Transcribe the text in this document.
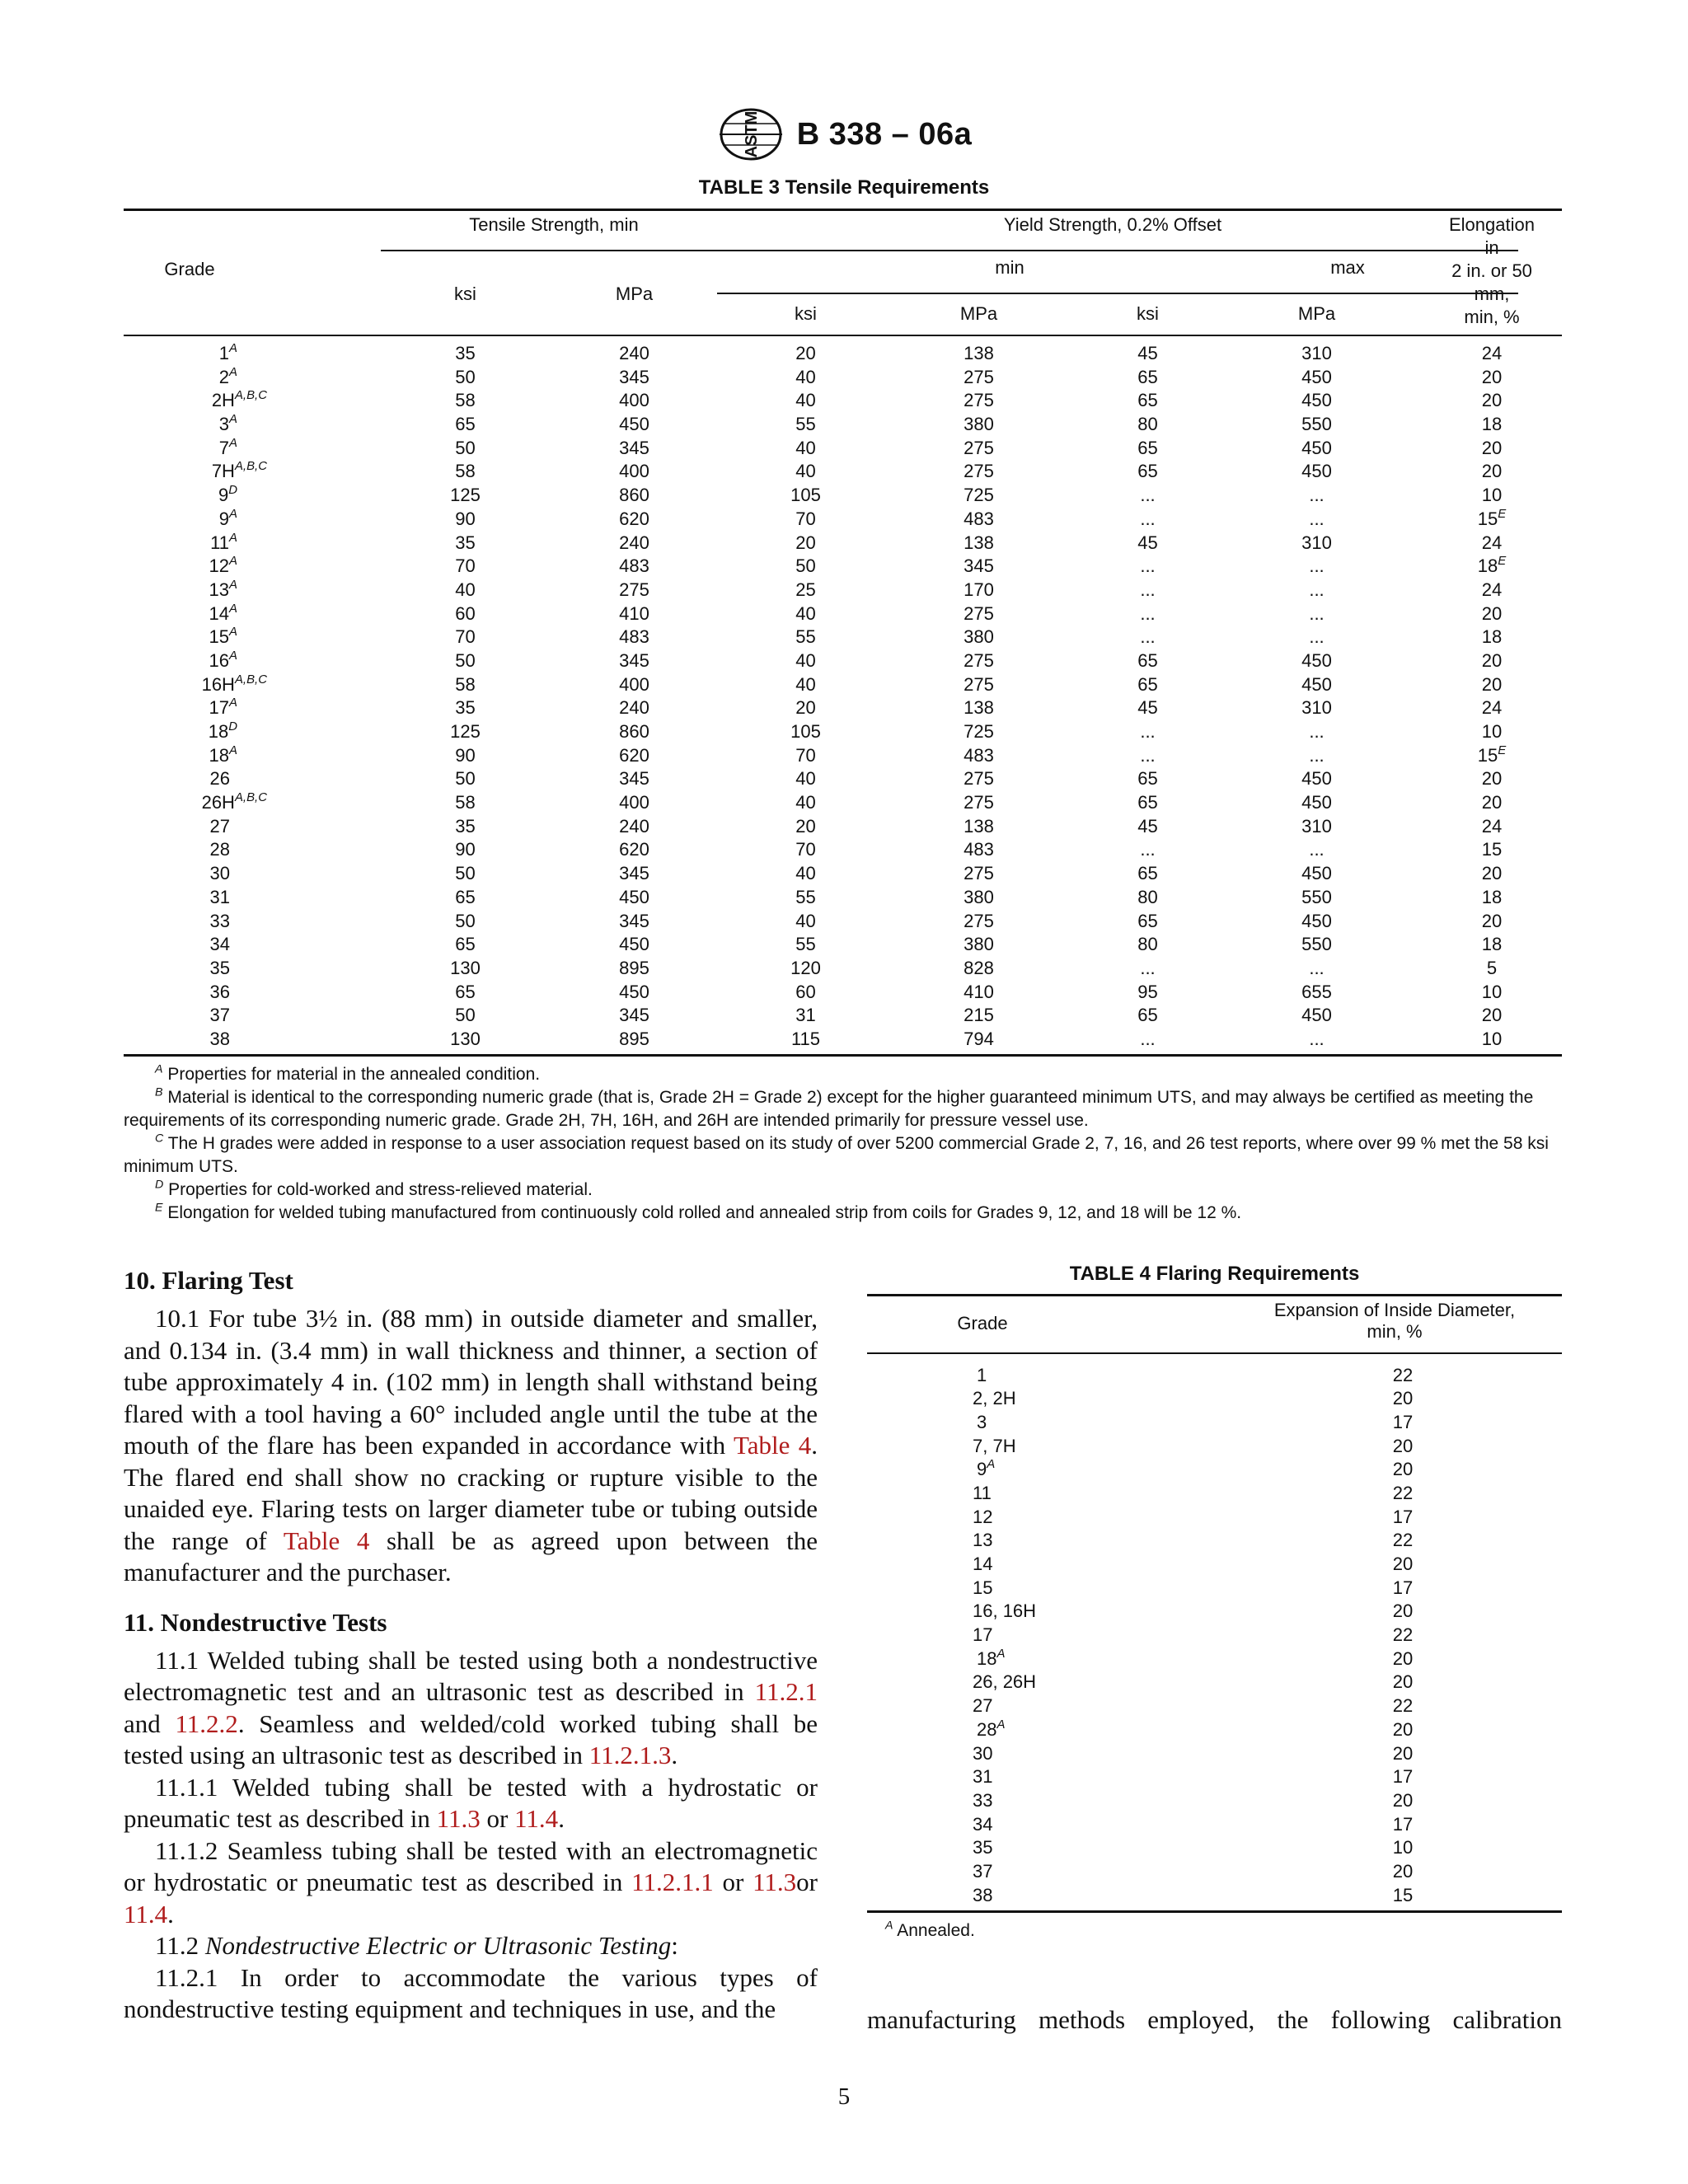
ASTM B 338 – 06a
TABLE 3 Tensile Requirements
Grade
Tensile Strength, min	Yield Strength, 0.2% Offset
min	max
ksi	MPa
ksi	MPa	ksi	MPa
Elongation
in
2 in. or 50
mm,
min, %
$1^A$	35	240	20	138	45	310	24
$2^A$	50	345	40	275	65	450	20
$2H^{A,B,C}$	58	400	40	275	65	450	20
$3^A$	65	450	55	380	80	550	18
$7^A$	50	345	40	275	65	450	20
$7H^{A,B,C}$	58	400	40	275	65	450	20
$9^D$	125	860	105	725	...	...	10
$9^A$	90	620	70	483	...	...	$15^E$
$11^A$	35	240	20	138	45	310	24
$12^A$	70	483	50	345	...	...	$18^E$
$13^A$	40	275	25	170	...	...	24
$14^A$	60	410	40	275	...	...	20
$15^A$	70	483	55	380	...	...	18
$16^A$	50	345	40	275	65	450	20
$16H^{A,B,C}$	58	400	40	275	65	450	20
$17^A$	35	240	20	138	45	310	24
$18^D$	125	860	105	725	...	...	10
$18^A$	90	620	70	483	...	...	$15^E$
26	50	345	40	275	65	450	20
$26H^{A,B,C}$	58	400	40	275	65	450	20
27	35	240	20	138	45	310	24
28	90	620	70	483	...	...	15
30	50	345	40	275	65	450	20
31	65	450	55	380	80	550	18
33	50	345	40	275	65	450	20
34	65	450	55	380	80	550	18
35	130	895	120	828	...	...	5
36	65	450	60	410	95	655	10
37	50	345	31	215	65	450	20
38	130	895	115	794	...	...	10

$^A$ Properties for material in the annealed condition.

$^B$ Material is identical to the corresponding numeric grade (that is, Grade 2H = Grade 2) except for the higher guaranteed minimum UTS, and may always be certified as meeting the requirements of its corresponding numeric grade. Grade 2H, 7H, 16H, and 26H are intended primarily for pressure vessel use.

$^C$ The H grades were added in response to a user association request based on its study of over 5200 commercial Grade 2, 7, 16, and 26 test reports, where over 99 % met the 58 ksi minimum UTS.

$^D$ Properties for cold-worked and stress-relieved material.

$^E$ Elongation for welded tubing manufactured from continuously cold rolled and annealed strip from coils for Grades 9, 12, and 18 will be 12 %.

10. Flaring Test

10.1 For tube 3½ in. (88 mm) in outside diameter and smaller, and 0.134 in. (3.4 mm) in wall thickness and thinner, a section of tube approximately 4 in. (102 mm) in length shall withstand being flared with a tool having a 60° included angle until the tube at the mouth of the flare has been expanded in accordance with Table 4. The flared end shall show no cracking or rupture visible to the unaided eye. Flaring tests on larger diameter tube or tubing outside the range of Table 4 shall be as agreed upon between the manufacturer and the purchaser.

11. Nondestructive Tests

11.1 Welded tubing shall be tested using both a nondestructive electromagnetic test and an ultrasonic test as described in 11.2.1 and 11.2.2. Seamless and welded/cold worked tubing shall be tested using an ultrasonic test as described in 11.2.1.3.

11.1.1 Welded tubing shall be tested with a hydrostatic or pneumatic test as described in 11.3 or 11.4.

11.1.2 Seamless tubing shall be tested with an electromagnetic or hydrostatic or pneumatic test as described in 11.2.1.1 or 11.3or 11.4.

11.2 Nondestructive Electric or Ultrasonic Testing:

11.2.1 In order to accommodate the various types of nondestructive testing equipment and techniques in use, and the

TABLE 4 Flaring Requirements
Grade
Expansion of Inside Diameter,
min, %
1	22
2, 2H	20
3	17
7, 7H	20
$9^A$	20
11	22
12	17
13	22
14	20
15	17
16, 16H	20
17	22
$18^A$	20
26, 26H	20
27	22
$28^A$	20
30	20
31	17
33	20
34	17
35	10
37	20
38	15
$^A$ Annealed.
manufacturing methods employed, the following calibration
5
